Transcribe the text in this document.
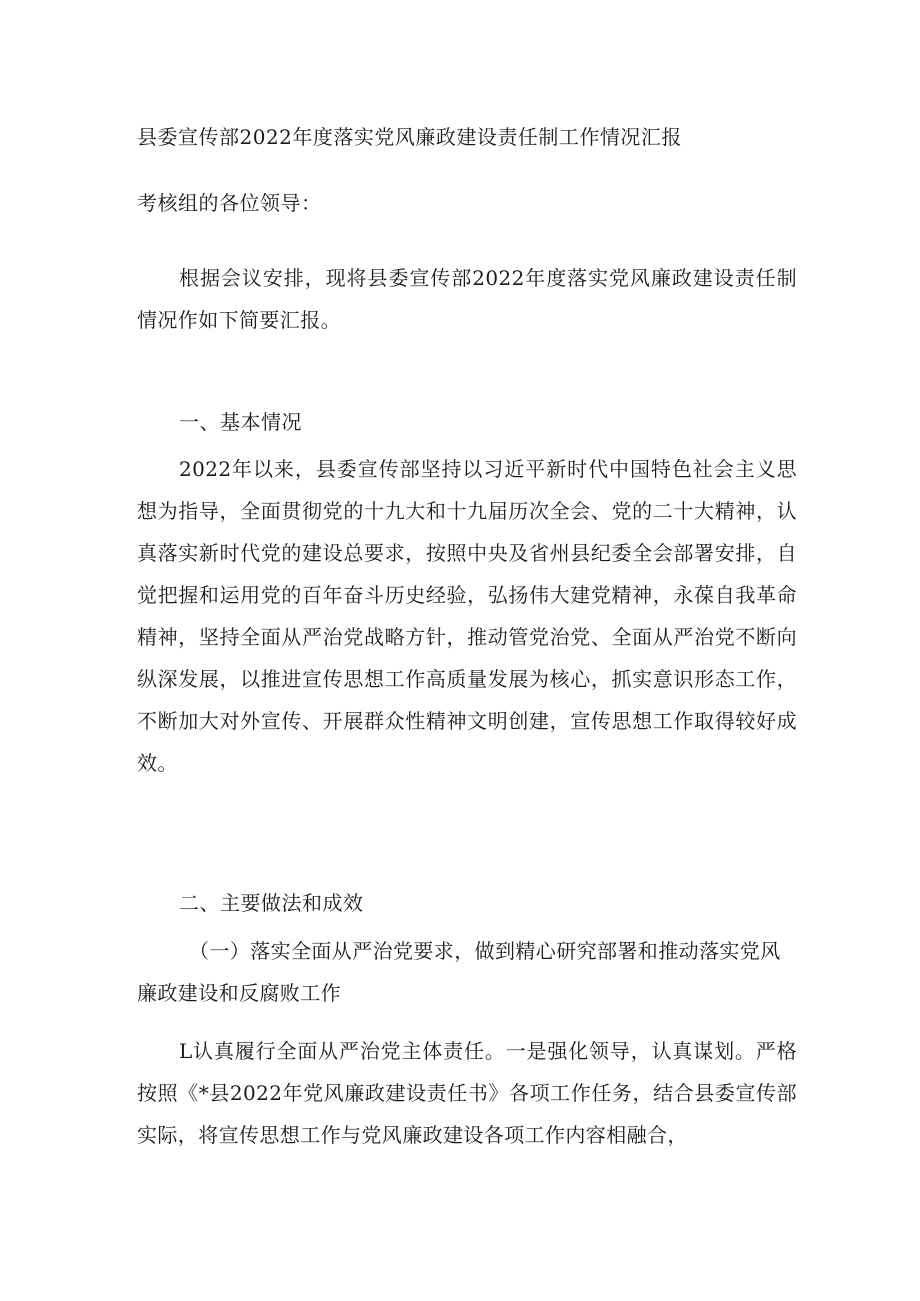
县委宣传部2022年度落实党风廉政建设责任制工作情况汇报
考核组的各位领导：
根据会议安排，现将县委宣传部2022年度落实党风廉政建设责任制情况作如下简要汇报。
一、基本情况
2022年以来，县委宣传部坚持以习近平新时代中国特色社会主义思想为指导，全面贯彻党的十九大和十九届历次全会、党的二十大精神，认真落实新时代党的建设总要求，按照中央及省州县纪委全会部署安排，自觉把握和运用党的百年奋斗历史经验，弘扬伟大建党精神，永葆自我革命精神，坚持全面从严治党战略方针，推动管党治党、全面从严治党不断向纵深发展，以推进宣传思想工作高质量发展为核心，抓实意识形态工作，不断加大对外宣传、开展群众性精神文明创建，宣传思想工作取得较好成效。
二、主要做法和成效
（一）落实全面从严治党要求，做到精心研究部署和推动落实党风廉政建设和反腐败工作
L认真履行全面从严治党主体责任。一是强化领导，认真谋划。严格按照《*县2022年党风廉政建设责任书》各项工作任务，结合县委宣传部实际，将宣传思想工作与党风廉政建设各项工作内容相融合，
